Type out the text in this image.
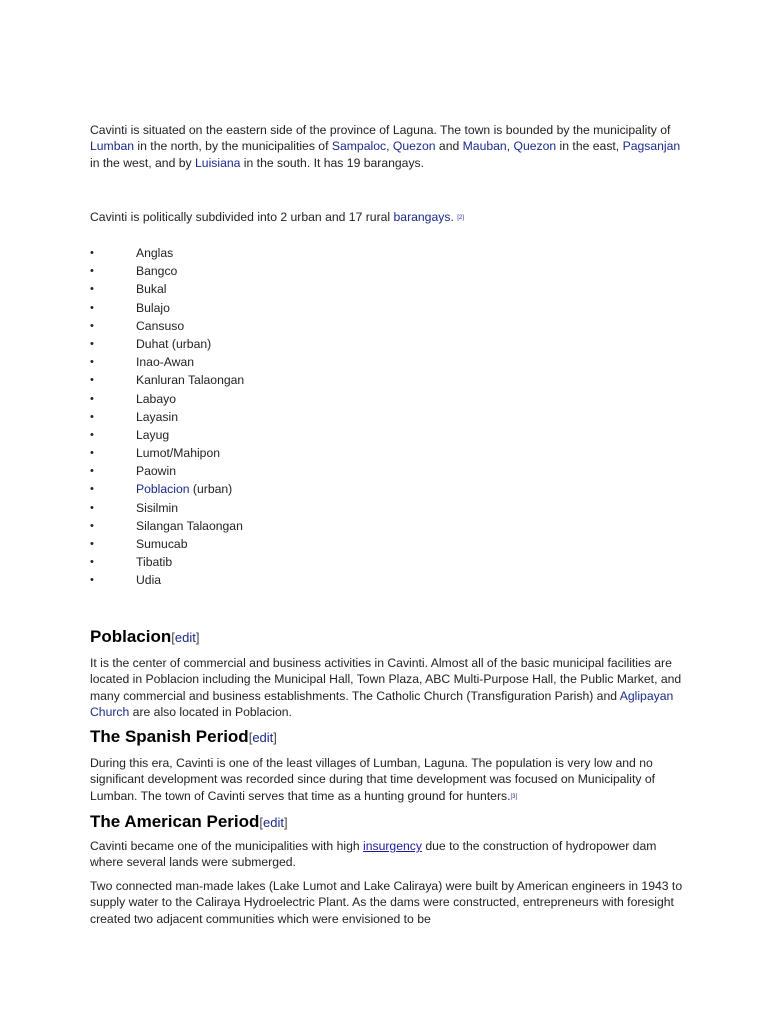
Cavinti is situated on the eastern side of the province of Laguna. The town is bounded by the municipality of Lumban in the north, by the municipalities of Sampaloc, Quezon and Mauban, Quezon in the east, Pagsanjan in the west, and by Luisiana in the south. It has 19 barangays.

Cavinti is politically subdivided into 2 urban and 17 rural barangays. [2]

•	Anglas
•	Bangco
•	Bukal
•	Bulajo
•	Cansuso
•	Duhat (urban)
•	Inao-Awan
•	Kanluran Talaongan
•	Labayo
•	Layasin
•	Layug
•	Lumot/Mahipon
•	Paowin
•	Poblacion (urban)
•	Sisilmin
•	Silangan Talaongan
•	Sumucab
•	Tibatib
•	Udia
Poblacion[edit]

It is the center of commercial and business activities in Cavinti. Almost all of the basic municipal facilities are located in Poblacion including the Municipal Hall, Town Plaza, ABC Multi-Purpose Hall, the Public Market, and many commercial and business establishments. The Catholic Church (Transfiguration Parish) and Aglipayan Church are also located in Poblacion.

The Spanish Period[edit]

During this era, Cavinti is one of the least villages of Lumban, Laguna. The population is very low and no significant development was recorded since during that time development was focused on Municipality of Lumban. The town of Cavinti serves that time as a hunting ground for hunters.[3]

The American Period[edit]

Cavinti became one of the municipalities with high insurgency due to the construction of hydropower dam where several lands were submerged.

Two connected man-made lakes (Lake Lumot and Lake Caliraya) were built by American engineers in 1943 to supply water to the Caliraya Hydroelectric Plant. As the dams were constructed, entrepreneurs with foresight created two adjacent communities which were envisioned to be
